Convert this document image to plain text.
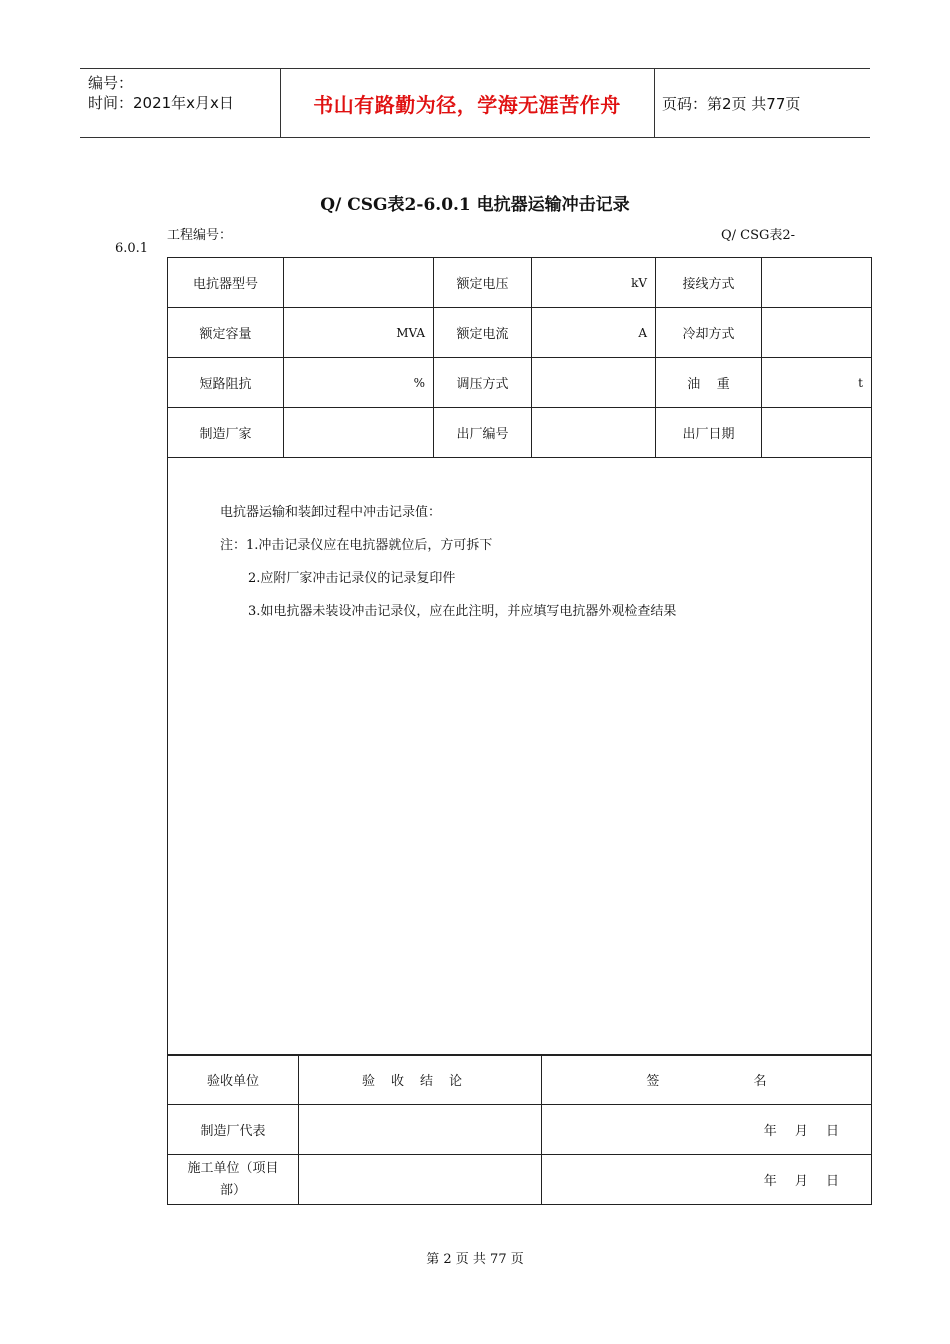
编号：
时间：2021年x月x日	书山有路勤为径，学海无涯苦作舟	页码：第2页 共77页
Q/ CSG表2-6.0.1 电抗器运输冲击记录
工程编号：	Q/ CSG表2-
6.0.1
电抗器型号		额定电压	kV	接线方式	
额定容量	MVA	额定电流	A	冷却方式	
短路阻抗	%	调压方式		油    重	t
制造厂家		出厂编号		出厂日期	

电抗器运输和装卸过程中冲击记录值：
注：1.冲击记录仪应在电抗器就位后，方可拆下
2.应附厂家冲击记录仪的记录复印件
3.如电抗器未装设冲击记录仪，应在此注明，并应填写电抗器外观检查结果					
验收单位	验收结论	签 名
制造厂代表		年 月 日
施工单位（项目部）		年 月 日
第 2 页 共 77 页
